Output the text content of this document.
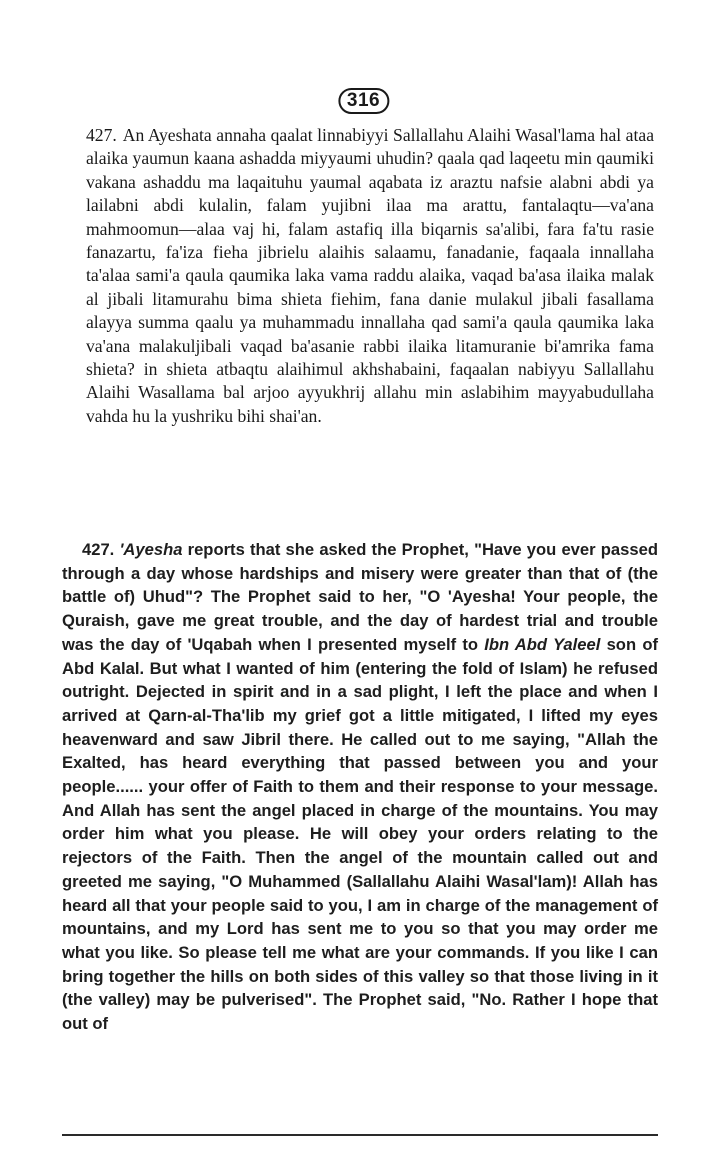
316

427. An Ayeshata annaha qaalat linnabiyyi Sallallahu Alaihi Wasal'lama hal ataa alaika yaumun kaana ashadda miyyaumi uhudin? qaala qad laqeetu min qaumiki vakana ashaddu ma laqaituhu yaumal aqabata iz araztu nafsie alabni abdi ya lailabni abdi kulalin, falam yujibni ilaa ma arattu, fantalaqtu—va'ana mahmoomun—alaa vaj hi, falam astafiq illa biqarnis sa'alibi, fara fa'tu rasie fanazartu, fa'iza fieha jibrielu alaihis salaamu, fanadanie, faqaala innallaha ta'alaa sami'a qaula qaumika laka vama raddu alaika, vaqad ba'asa ilaika malak al jibali litamurahu bima shieta fiehim, fana danie mulakul jibali fasallama alayya summa qaalu ya muhammadu innallaha qad sami'a qaula qaumika laka va'ana malakuljibali vaqad ba'asanie rabbi ilaika litamuranie bi'amrika fama shieta? in shieta atbaqtu alaihimul akhshabaini, faqaalan nabiyyu Sallallahu Alaihi Wasallama bal arjoo ayyukhrij allahu min aslabihim mayyabudullaha vahda hu la yushriku bihi shai'an.

427. 'Ayesha reports that she asked the Prophet, "Have you ever passed through a day whose hardships and misery were greater than that of (the battle of) Uhud"? The Prophet said to her, "O 'Ayesha! Your people, the Quraish, gave me great trouble, and the day of hardest trial and trouble was the day of 'Uqabah when I presented myself to Ibn Abd Yaleel son of Abd Kalal. But what I wanted of him (entering the fold of Islam) he refused outright. Dejected in spirit and in a sad plight, I left the place and when I arrived at Qarn-al-Tha'lib my grief got a little mitigated, I lifted my eyes heavenward and saw Jibril there. He called out to me saying, "Allah the Exalted, has heard everything that passed between you and your people...... your offer of Faith to them and their response to your message. And Allah has sent the angel placed in charge of the mountains. You may order him what you please. He will obey your orders relating to the rejectors of the Faith. Then the angel of the mountain called out and greeted me saying, "O Muhammed (Sallallahu Alaihi Wasal'lam)! Allah has heard all that your people said to you, I am in charge of the management of mountains, and my Lord has sent me to you so that you may order me what you like. So please tell me what are your commands. If you like I can bring together the hills on both sides of this valley so that those living in it (the valley) may be pulverised". The Prophet said, "No. Rather I hope that out of
